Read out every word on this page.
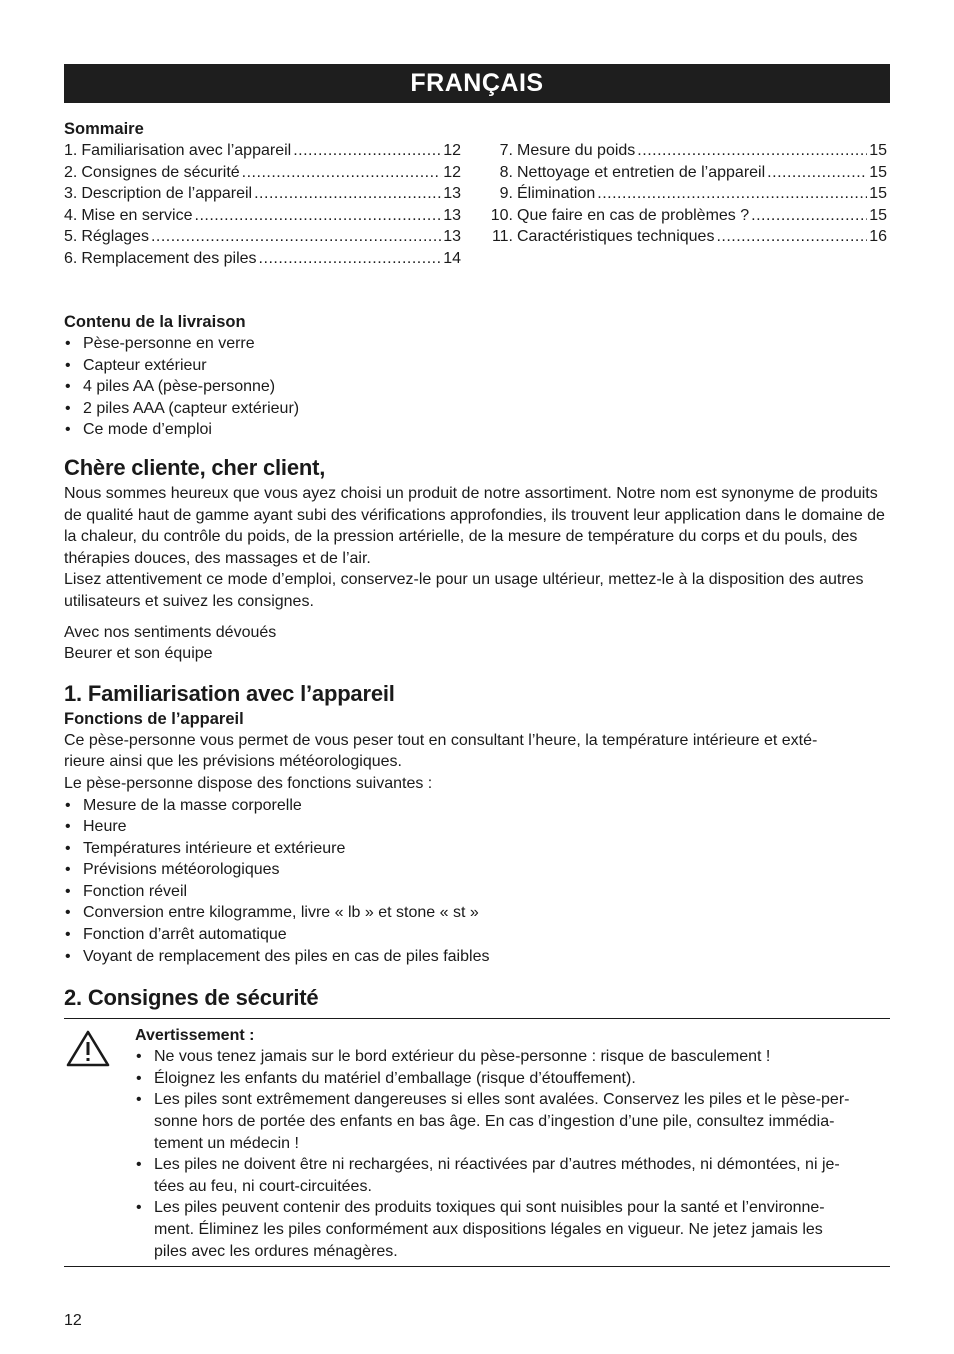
FRANÇAIS
Sommaire
1. Familiarisation avec l’appareil .....	12
2. Consignes de sécurité .....	12
3. Description de l’appareil .....	13
4. Mise en service .....	13
5. Réglages .....	13
6. Remplacement des piles .....	14
7. Mesure du poids .....	15
8. Nettoyage et entretien de l’appareil .....	15
9. Élimination .....	15
10. Que faire en cas de problèmes ? .....	15
11. Caractéristiques techniques .....	16
Contenu de la livraison
• Pèse-personne en verre
• Capteur extérieur
• 4 piles AA (pèse-personne)
• 2 piles AAA (capteur extérieur)
• Ce mode d’emploi
Chère cliente, cher client,

Nous sommes heureux que vous ayez choisi un produit de notre assortiment. Notre nom est synonyme de produits de qualité haut de gamme ayant subi des vérifications approfondies, ils trouvent leur application dans le domaine de la chaleur, du contrôle du poids, de la pression artérielle, de la mesure de température du corps et du pouls, des thérapies douces, des massages et de l’air.

Lisez attentivement ce mode d’emploi, conservez-le pour un usage ultérieur, mettez-le à la disposition des autres utilisateurs et suivez les consignes.

Avec nos sentiments dévoués

Beurer et son équipe

1. Familiarisation avec l’appareil
Fonctions de l’appareil

Ce pèse-personne vous permet de vous peser tout en consultant l’heure, la température intérieure et exté-

rieure ainsi que les prévisions météorologiques.

Le pèse-personne dispose des fonctions suivantes :

• Mesure de la masse corporelle
• Heure
• Températures intérieure et extérieure
• Prévisions météorologiques
• Fonction réveil
• Conversion entre kilogramme, livre « lb » et stone « st »
• Fonction d’arrêt automatique
• Voyant de remplacement des piles en cas de piles faibles
2. Consignes de sécurité
Avertissement :
• Ne vous tenez jamais sur le bord extérieur du pèse-personne : risque de basculement !
• Éloignez les enfants du matériel d’emballage (risque d’étouffement).
• Les piles sont extrêmement dangereuses si elles sont avalées. Conservez les piles et le pèse-per-
sonne hors de portée des enfants en bas âge. En cas d’ingestion d’une pile, consultez immédia-
tement un médecin !
• Les piles ne doivent être ni rechargées, ni réactivées par d’autres méthodes, ni démontées, ni je-
tées au feu, ni court-circuitées.
• Les piles peuvent contenir des produits toxiques qui sont nuisibles pour la santé et l’environne-
ment. Éliminez les piles conformément aux dispositions légales en vigueur. Ne jetez jamais les
piles avec les ordures ménagères.
12
